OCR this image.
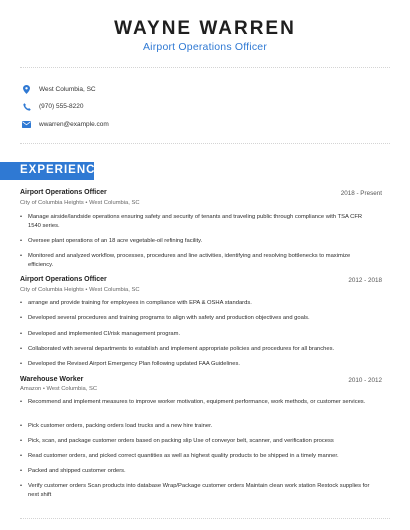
WAYNE WARREN
Airport Operations Officer
West Columbia, SC
(970) 555-8220
wwarren@example.com
EXPERIENCE
Airport Operations Officer	2018 - Present
City of Columbia Heights • West Columbia, SC
•	Manage airside/landside operations ensuring safety and security of tenants and traveling public through compliance with TSA CFR 1540 series.
•	Oversee plant operations of an 18 acre vegetable-oil refining facility.
•	Monitored and analyzed workflow, processes, procedures and line activities, identifying and resolving bottlenecks to maximize efficiency.
Airport Operations Officer	2012 - 2018
City of Columbia Heights • West Columbia, SC
•	arrange and provide training for employees in compliance with EPA & OSHA standards.
•	Developed several procedures and training programs to align with safety and production objectives and goals.
•	Developed and implemented CI/risk management program.
•	Collaborated with several departments to establish and implement appropriate policies and procedures for all branches.
•	Developed the Revised Airport Emergency Plan following updated FAA Guidelines.
Warehouse Worker	2010 - 2012
Amazon • West Columbia, SC
•	Recommend and implement measures to improve worker motivation, equipment performance, work methods, or customer services.
•	Pick customer orders, packing orders load trucks and a new hire trainer.
•	Pick, scan, and package customer orders based on packing slip Use of conveyor belt, scanner, and verification process
•	Read customer orders, and picked correct quantities as well as highest quality products to be shipped in a timely manner.
•	Packed and shipped customer orders.
•	Verify customer orders Scan products into database Wrap/Package customer orders Maintain clean work station Restock supplies for next shift
